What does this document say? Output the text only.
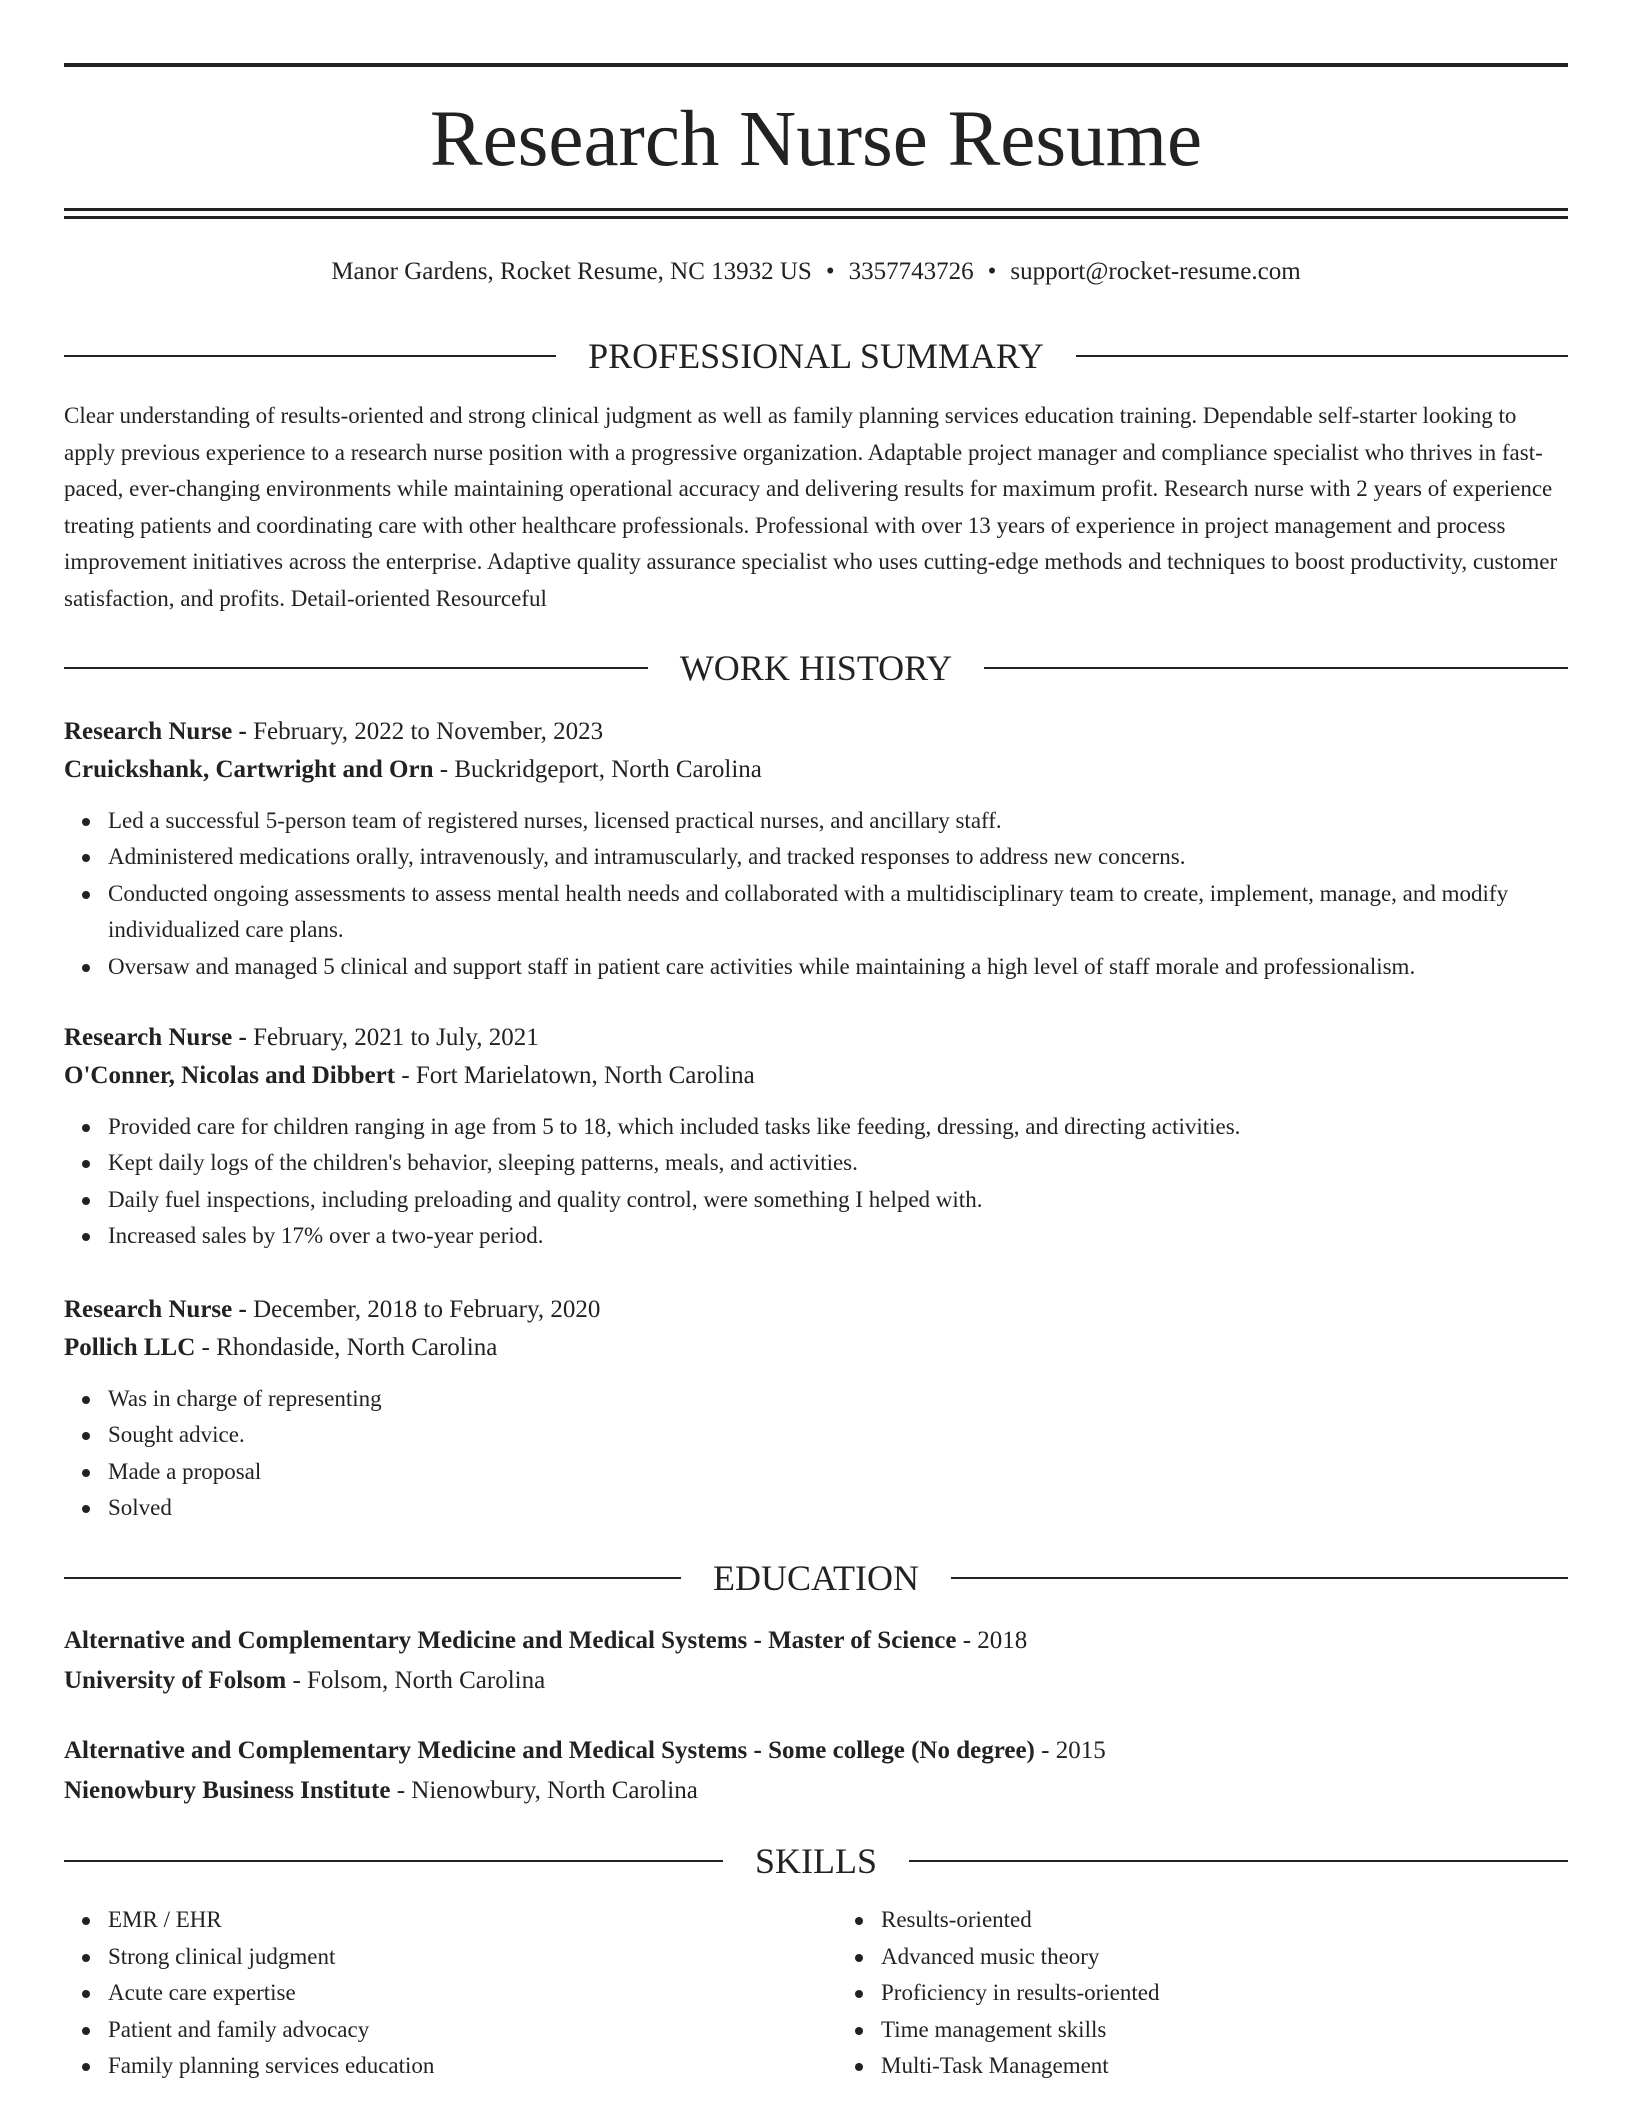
Research Nurse Resume
Manor Gardens, Rocket Resume, NC 13932 US • 3357743726 • support@rocket-resume.com
PROFESSIONAL SUMMARY

Clear understanding of results-oriented and strong clinical judgment as well as family planning services education training. Dependable self-starter looking to apply previous experience to a research nurse position with a progressive organization. Adaptable project manager and compliance specialist who thrives in fast-paced, ever-changing environments while maintaining operational accuracy and delivering results for maximum profit. Research nurse with 2 years of experience treating patients and coordinating care with other healthcare professionals. Professional with over 13 years of experience in project management and process improvement initiatives across the enterprise. Adaptive quality assurance specialist who uses cutting-edge methods and techniques to boost productivity, customer satisfaction, and profits. Detail-oriented Resourceful

WORK HISTORY
Research Nurse - February, 2022 to November, 2023
Cruickshank, Cartwright and Orn - Buckridgeport, North Carolina
Led a successful 5-person team of registered nurses, licensed practical nurses, and ancillary staff.
Administered medications orally, intravenously, and intramuscularly, and tracked responses to address new concerns.
Conducted ongoing assessments to assess mental health needs and collaborated with a multidisciplinary team to create, implement, manage, and modify individualized care plans.
Oversaw and managed 5 clinical and support staff in patient care activities while maintaining a high level of staff morale and professionalism.
Research Nurse - February, 2021 to July, 2021
O'Conner, Nicolas and Dibbert - Fort Marielatown, North Carolina
Provided care for children ranging in age from 5 to 18, which included tasks like feeding, dressing, and directing activities.
Kept daily logs of the children's behavior, sleeping patterns, meals, and activities.
Daily fuel inspections, including preloading and quality control, were something I helped with.
Increased sales by 17% over a two-year period.
Research Nurse - December, 2018 to February, 2020
Pollich LLC - Rhondaside, North Carolina
Was in charge of representing
Sought advice.
Made a proposal
Solved
EDUCATION
Alternative and Complementary Medicine and Medical Systems - Master of Science - 2018
University of Folsom - Folsom, North Carolina
Alternative and Complementary Medicine and Medical Systems - Some college (No degree) - 2015
Nienowbury Business Institute - Nienowbury, North Carolina
SKILLS
EMR / EHR
Strong clinical judgment
Acute care expertise
Patient and family advocacy
Family planning services education
Results-oriented
Advanced music theory
Proficiency in results-oriented
Time management skills
Multi-Task Management
